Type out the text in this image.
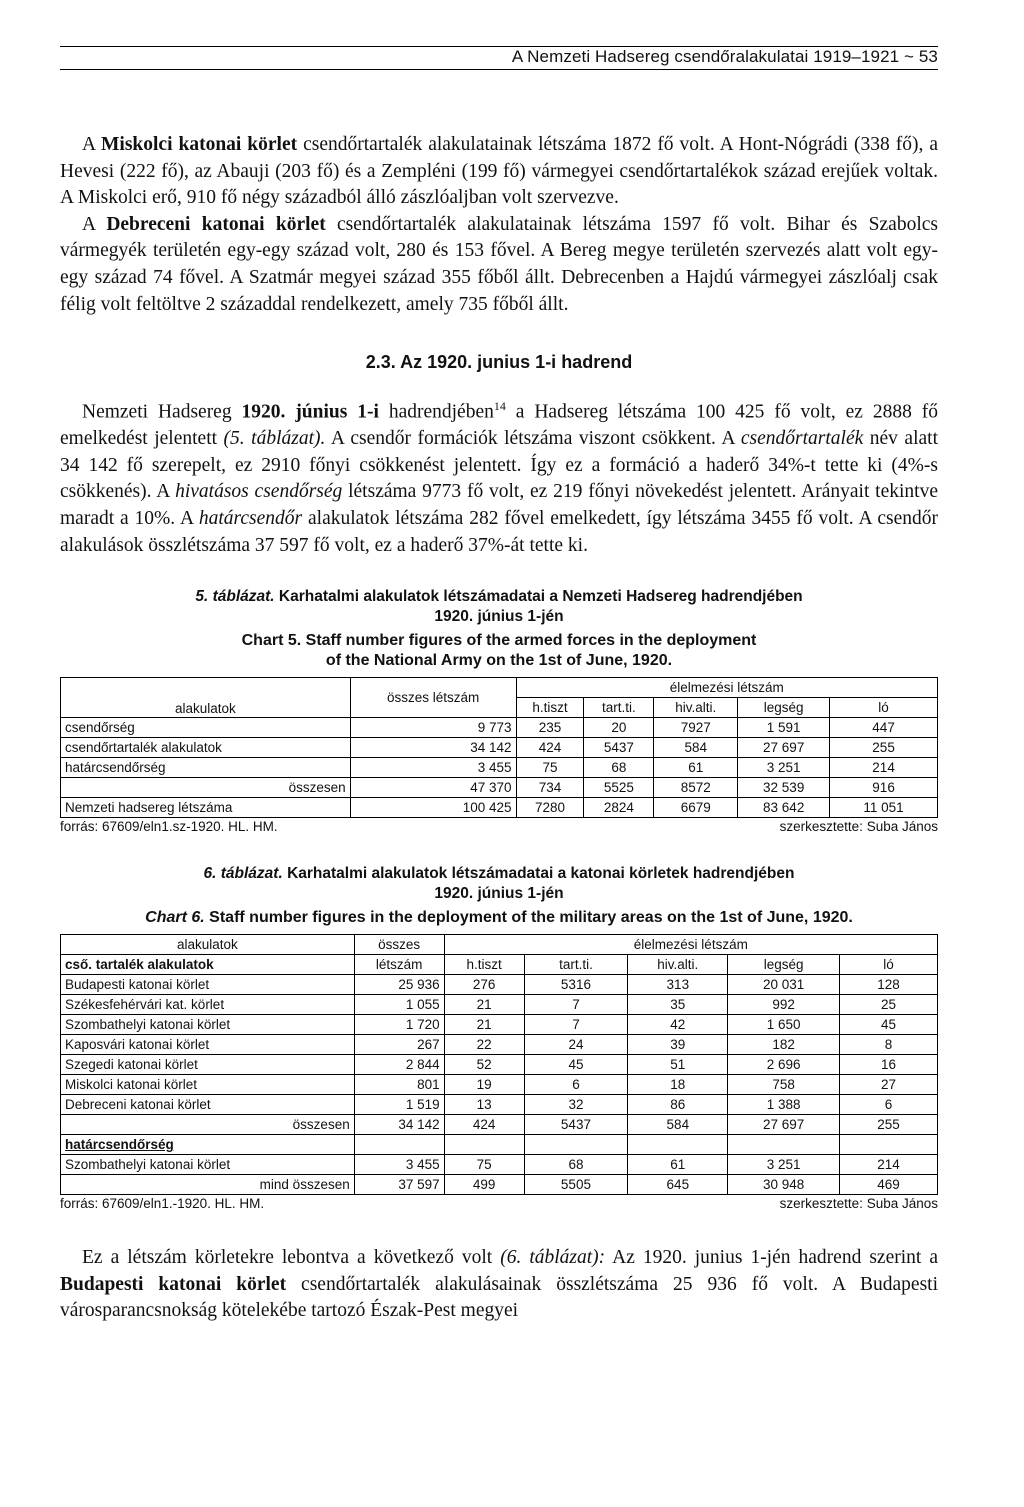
A Nemzeti Hadsereg csendőralakulatai 1919–1921 ~ 53

A Miskolci katonai körlet csendőrtartalék alakulatainak létszáma 1872 fő volt. A Hont-Nógrádi (338 fő), a Hevesi (222 fő), az Abauji (203 fő) és a Zempléni (199 fő) vármegyei csendőrtartalékok század erejűek voltak. A Miskolci erő, 910 fő négy századból álló zászlóaljban volt szervezve.

A Debreceni katonai körlet csendőrtartalék alakulatainak létszáma 1597 fő volt. Bihar és Szabolcs vármegyék területén egy-egy század volt, 280 és 153 fővel. A Bereg megye területén szervezés alatt volt egy-egy század 74 fővel. A Szatmár megyei század 355 főből állt. Debrecenben a Hajdú vármegyei zászlóalj csak félig volt feltöltve 2 századdal rendelkezett, amely 735 főből állt.

2.3. Az 1920. junius 1-i hadrend

Nemzeti Hadsereg 1920. június 1-i hadrendjében$^{14}$ a Hadsereg létszáma 100 425 fő volt, ez 2888 fő emelkedést jelentett (5. táblázat). A csendőr formációk létszáma viszont csökkent. A csendőrtartalék név alatt 34 142 fő szerepelt, ez 2910 főnyi csökkenést jelentett. Így ez a formáció a haderő 34%-t tette ki (4%-s csökkenés). A hivatásos csendőrség létszáma 9773 fő volt, ez 219 főnyi növekedést jelentett. Arányait tekintve maradt a 10%. A határcsendőr alakulatok létszáma 282 fővel emelkedett, így létszáma 3455 fő volt. A csendőr alakulások összlétszáma 37 597 fő volt, ez a haderő 37%-át tette ki.

5. táblázat. Karhatalmi alakulatok létszámadatai a Nemzeti Hadsereg hadrendjében
1920. június 1-jén
Chart 5. Staff number figures of the armed forces in the deployment
of the National Army on the 1st of June, 1920.
alakulatok	összes létszám	élelmezési létszám				
		h.tiszt	tart.ti.	hiv.alti.	legség	ló
csendőrség	9 773	235	20	7927	1 591	447
csendőrtartalék alakulatok	34 142	424	5437	584	27 697	255
határcsendőrség	3 455	75	68	61	3 251	214
összesen	47 370	734	5525	8572	32 539	916
Nemzeti hadsereg létszáma	100 425	7280	2824	6679	83 642	11 051
forrás: 67609/eln1.sz-1920. HL. HM.	szerkesztette: Suba János
6. táblázat. Karhatalmi alakulatok létszámadatai a katonai körletek hadrendjében
1920. június 1-jén
Chart 6. Staff number figures in the deployment of the military areas on the 1st of June, 1920.
alakulatok	összes	élelmezési létszám				
cső. tartalék alakulatok	létszám	h.tiszt	tart.ti.	hiv.alti.	legség	ló
Budapesti katonai körlet	25 936	276	5316	313	20 031	128
Székesfehérvári kat. körlet	1 055	21	7	35	992	25
Szombathelyi katonai körlet	1 720	21	7	42	1 650	45
Kaposvári katonai körlet	267	22	24	39	182	8
Szegedi katonai körlet	2 844	52	45	51	2 696	16
Miskolci katonai körlet	801	19	6	18	758	27
Debreceni katonai körlet	1 519	13	32	86	1 388	6
összesen	34 142	424	5437	584	27 697	255
határcsendőrség						
Szombathelyi katonai körlet	3 455	75	68	61	3 251	214
mind összesen	37 597	499	5505	645	30 948	469
forrás: 67609/eln1.-1920. HL. HM.	szerkesztette: Suba János

Ez a létszám körletekre lebontva a következő volt (6. táblázat): Az 1920. junius 1-jén hadrend szerint a Budapesti katonai körlet csendőrtartalék alakulásainak összlétszáma 25 936 fő volt. A Budapesti városparancsnokság kötelekébe tartozó Észak-Pest megyei
